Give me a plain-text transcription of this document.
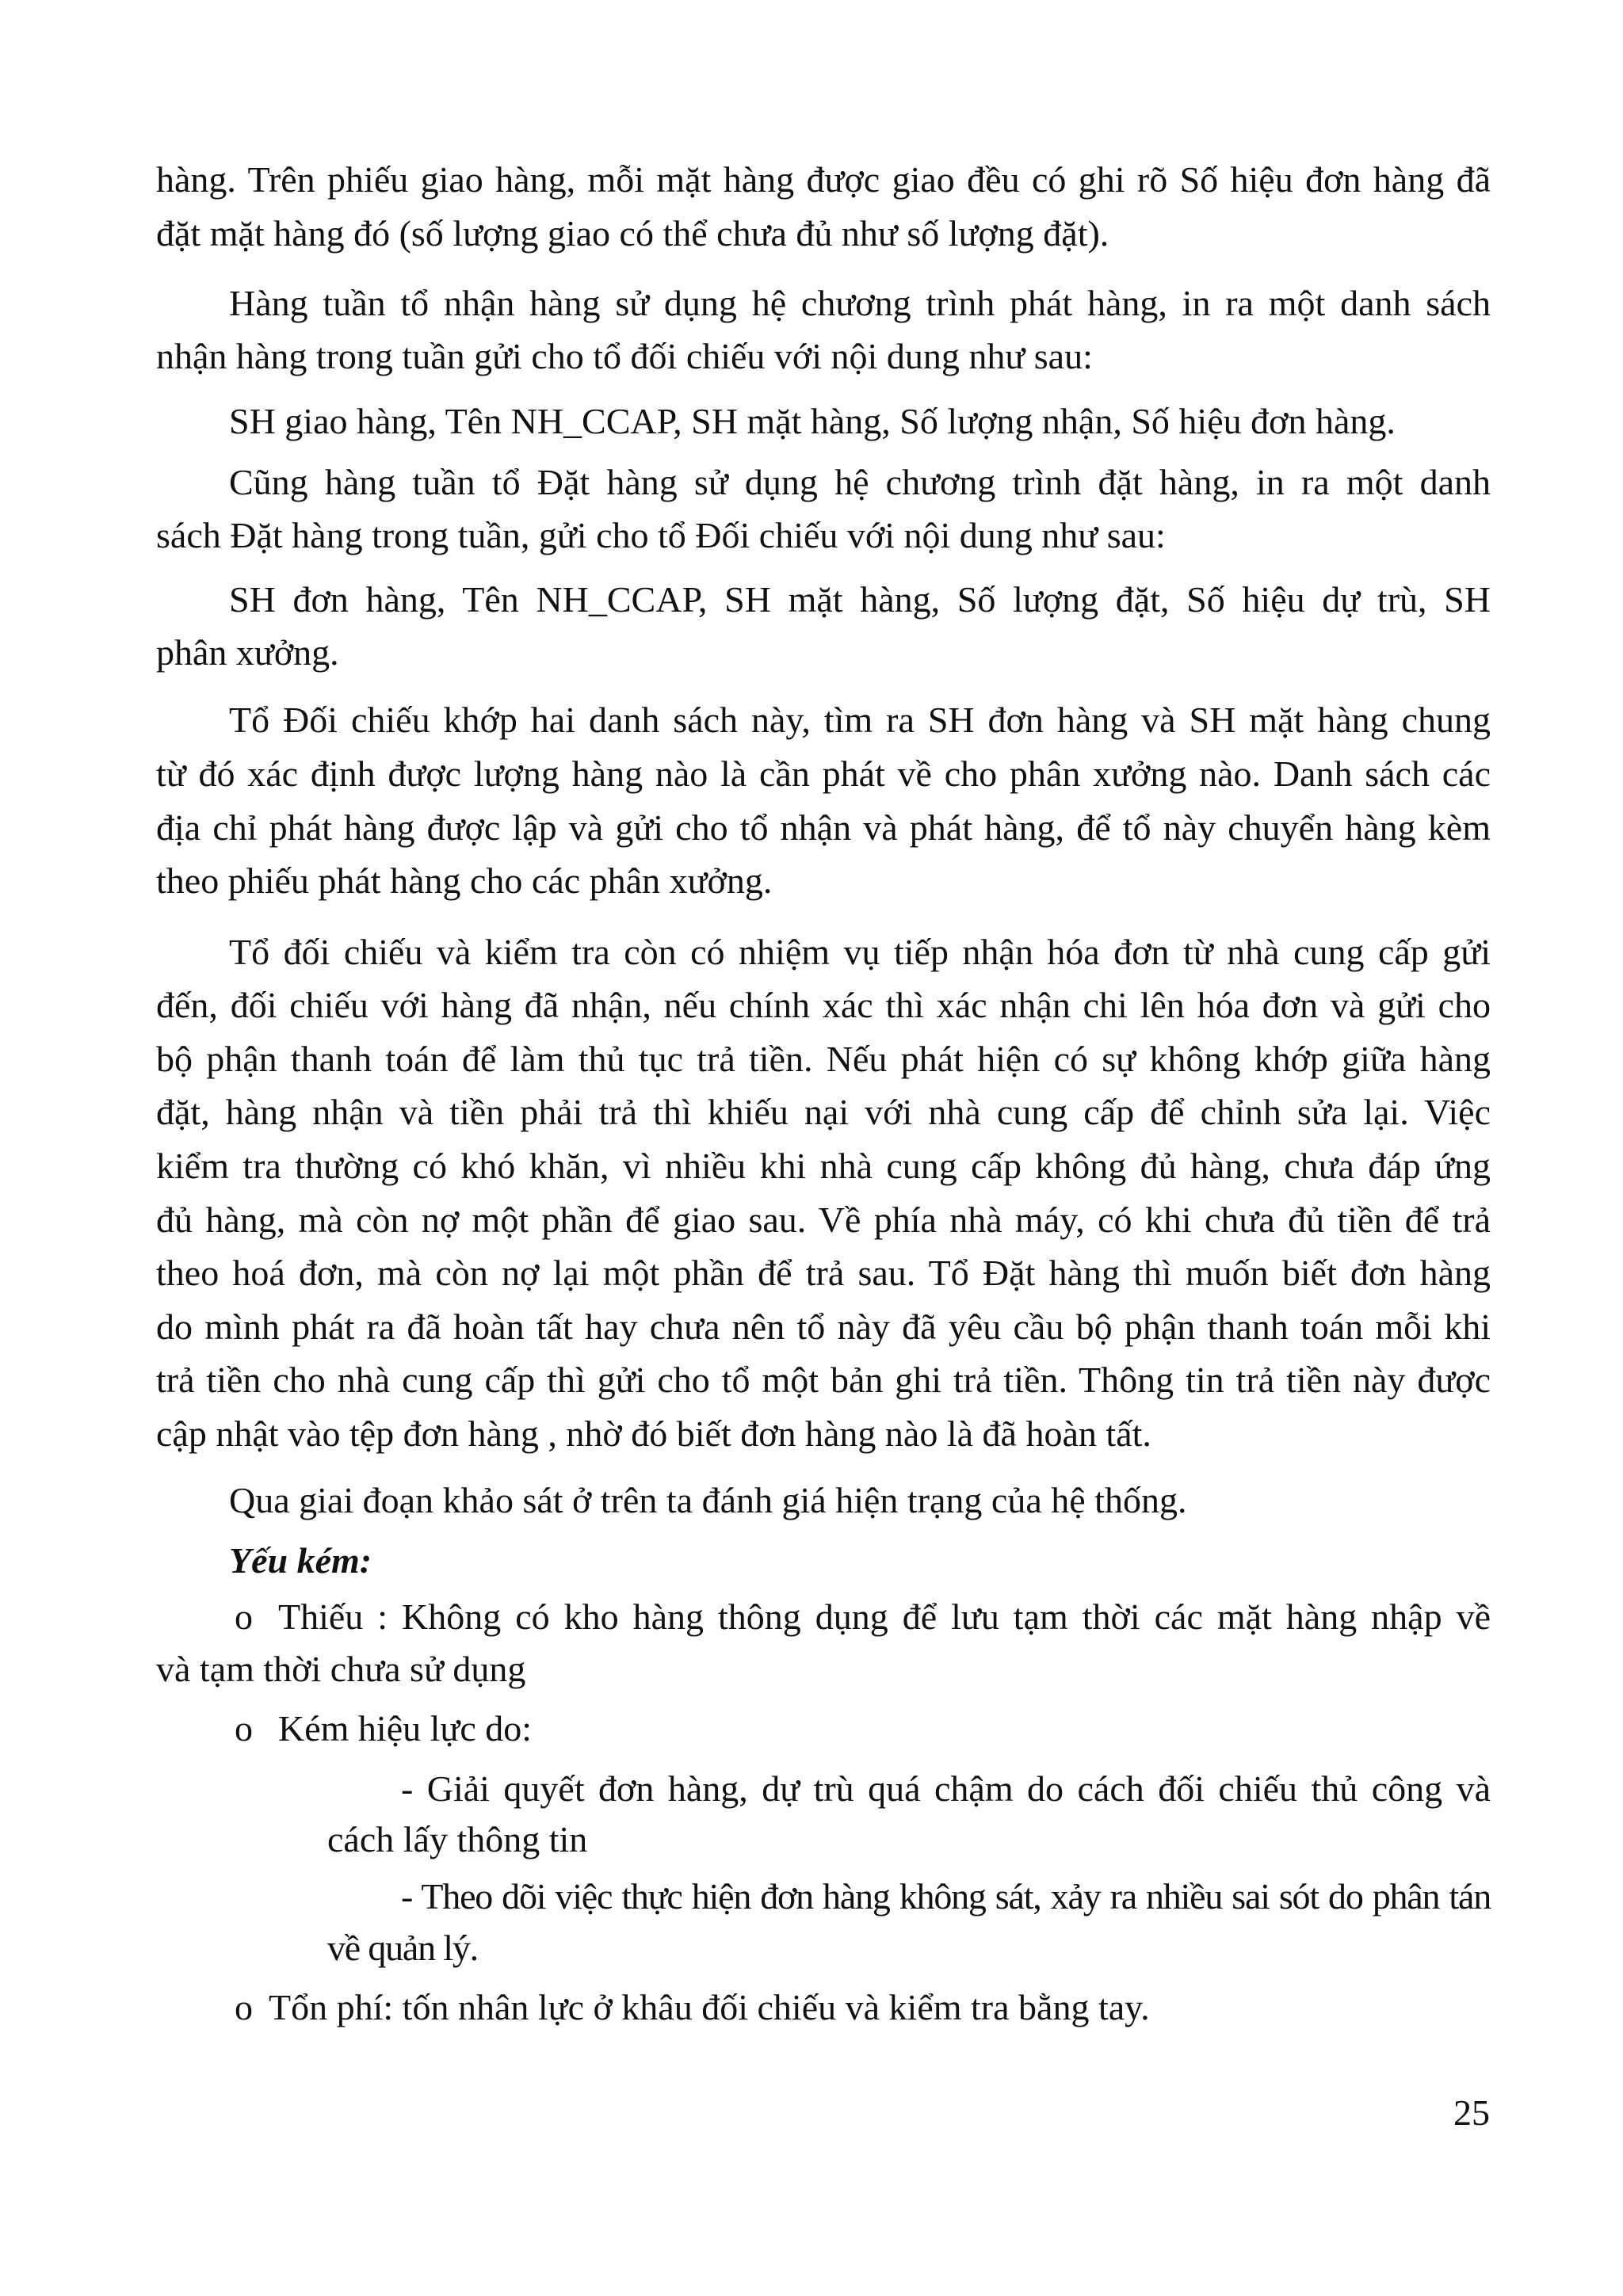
hàng. Trên phiếu giao hàng, mỗi mặt hàng được giao đều có ghi rõ Số hiệu đơn hàng đã

đặt mặt hàng đó (số lượng giao có thể chưa đủ như số lượng đặt).

Hàng tuần tổ nhận hàng sử dụng hệ chương trình phát hàng, in ra một danh sách

nhận hàng trong tuần gửi cho tổ đối chiếu với nội dung như sau:

SH giao hàng, Tên NH_CCAP, SH mặt hàng, Số lượng nhận, Số hiệu đơn hàng.

Cũng hàng tuần tổ Đặt hàng sử dụng hệ chương trình đặt hàng, in ra một danh

sách Đặt hàng trong tuần, gửi cho tổ Đối chiếu với nội dung như sau:

SH đơn hàng, Tên NH_CCAP, SH mặt hàng, Số lượng đặt, Số hiệu dự trù, SH

phân xưởng.

Tổ Đối chiếu khớp hai danh sách này, tìm ra SH đơn hàng và SH mặt hàng chung

từ đó xác định được lượng hàng nào là cần phát về cho phân xưởng nào. Danh sách các

địa chỉ phát hàng được lập và gửi cho tổ nhận và phát hàng, để tổ này chuyển hàng kèm

theo phiếu phát hàng cho các phân xưởng.

Tổ đối chiếu và kiểm tra còn có nhiệm vụ tiếp nhận hóa đơn từ nhà cung cấp gửi

đến, đối chiếu với hàng đã nhận, nếu chính xác thì xác nhận chi lên hóa đơn và gửi cho

bộ phận thanh toán để làm thủ tục trả tiền. Nếu phát hiện có sự không khớp giữa hàng

đặt, hàng nhận và tiền phải trả thì khiếu nại với nhà cung cấp để chỉnh sửa lại. Việc

kiểm tra thường có khó khăn, vì nhiều khi nhà cung cấp không đủ hàng, chưa đáp ứng

đủ hàng, mà còn nợ một phần để giao sau. Về phía nhà máy, có khi chưa đủ tiền để trả

theo hoá đơn, mà còn nợ lại một phần để trả sau. Tổ Đặt hàng thì muốn biết đơn hàng

do mình phát ra đã hoàn tất hay chưa nên tổ này đã yêu cầu bộ phận thanh toán mỗi khi

trả tiền cho nhà cung cấp thì gửi cho tổ một bản ghi trả tiền. Thông tin trả tiền này được

cập nhật vào tệp đơn hàng , nhờ đó biết đơn hàng nào là đã hoàn tất.

Qua giai đoạn khảo sát ở trên ta đánh giá hiện trạng của hệ thống.

Yếu kém:

o Thiếu : Không có kho hàng thông dụng để lưu tạm thời các mặt hàng nhập về

và tạm thời chưa sử dụng

o Kém hiệu lực do:

- Giải quyết đơn hàng, dự trù quá chậm do cách đối chiếu thủ công và

cách lấy thông tin

- Theo dõi việc thực hiện đơn hàng không sát, xảy ra nhiều sai sót do phân tán

về quản lý.

o Tổn phí: tốn nhân lực ở khâu đối chiếu và kiểm tra bằng tay.

25
